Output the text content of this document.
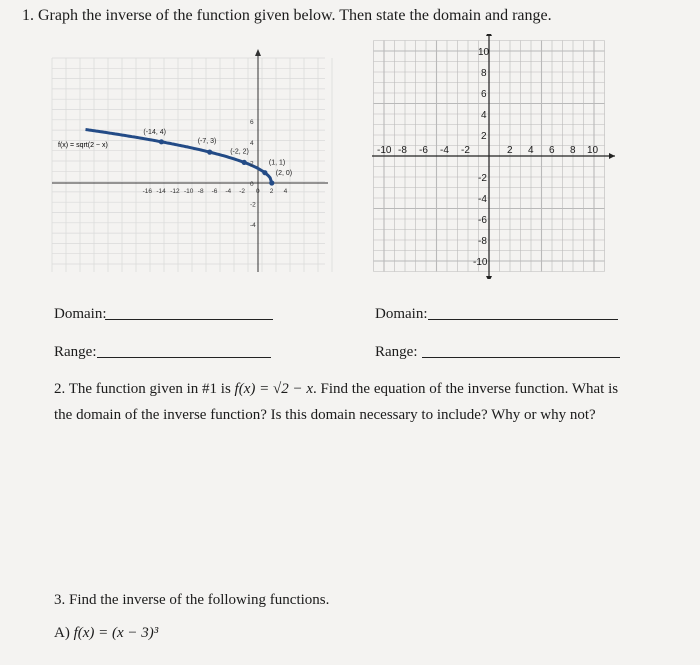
1. Graph the inverse of the function given below. Then state the domain and range.
(-14, 4)
(-7, 3)
(-2, 2)
(1, 1)
(2, 0)
-16 -14 -12 -10 -8 -6 -4 -2 0 2 4
6
4
2
0
-2
-4
f(x) = sqrt(2 − x)	-10 -8 -6 -4 -2	2 4 6 8 10
10
8
6
4
2
-2
-4
-6
-8
-10
Domain:	Domain:
Range:	Range:
2. The function given in #1 is f(x) = √2 − x. Find the equation of the inverse function. What is
the domain of the inverse function? Is this domain necessary to include? Why or why not?
3. Find the inverse of the following functions.
A) f(x) = (x − 3)³
